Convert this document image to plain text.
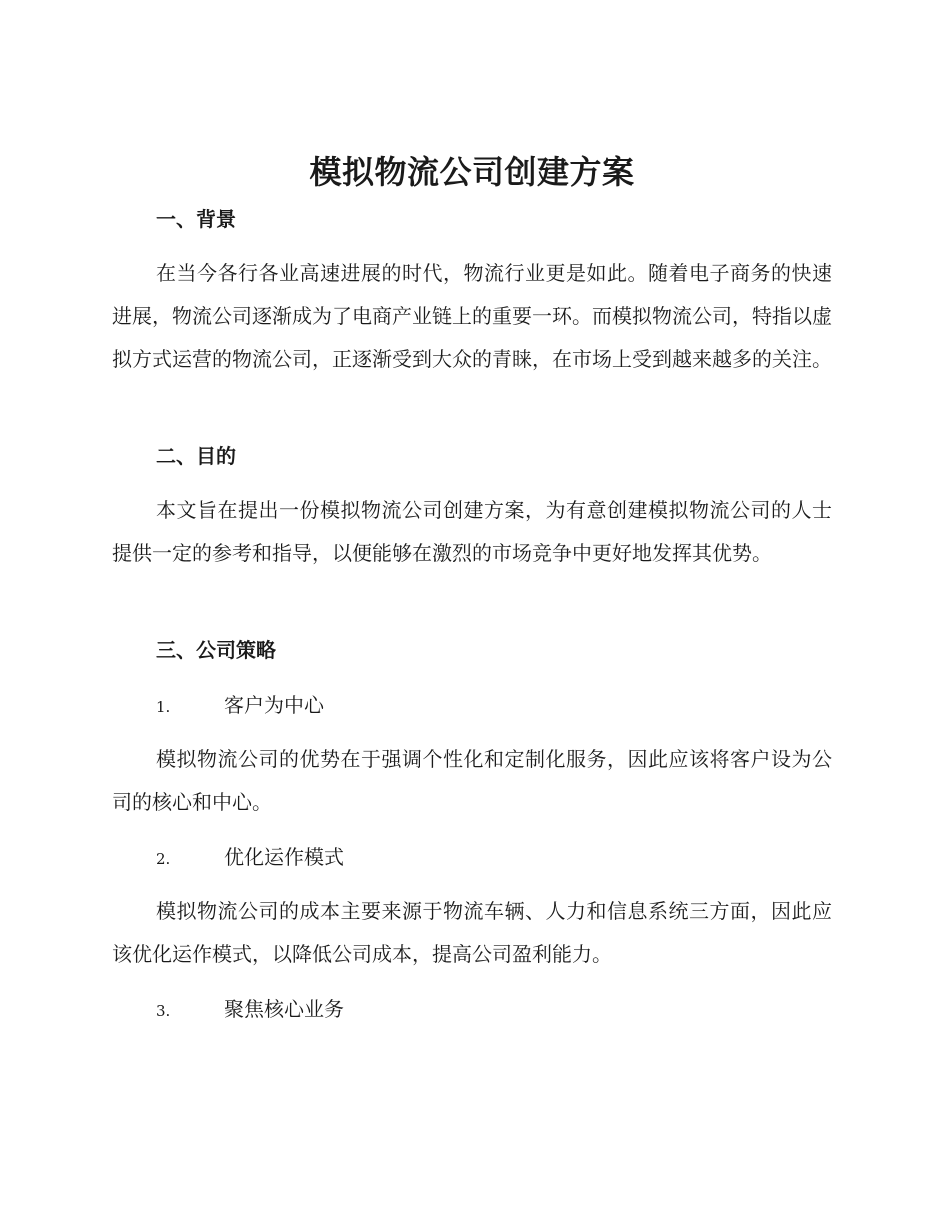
模拟物流公司创建方案
一、背景
在当今各行各业高速进展的时代，物流行业更是如此。随着电子商务的快速进展，物流公司逐渐成为了电商产业链上的重要一环。而模拟物流公司，特指以虚拟方式运营的物流公司，正逐渐受到大众的青睐，在市场上受到越来越多的关注。
二、目的
本文旨在提出一份模拟物流公司创建方案，为有意创建模拟物流公司的人士提供一定的参考和指导，以便能够在激烈的市场竞争中更好地发挥其优势。
三、公司策略
1.	客户为中心
模拟物流公司的优势在于强调个性化和定制化服务，因此应该将客户设为公司的核心和中心。
2.	优化运作模式
模拟物流公司的成本主要来源于物流车辆、人力和信息系统三方面，因此应该优化运作模式，以降低公司成本，提高公司盈利能力。
3.	聚焦核心业务
